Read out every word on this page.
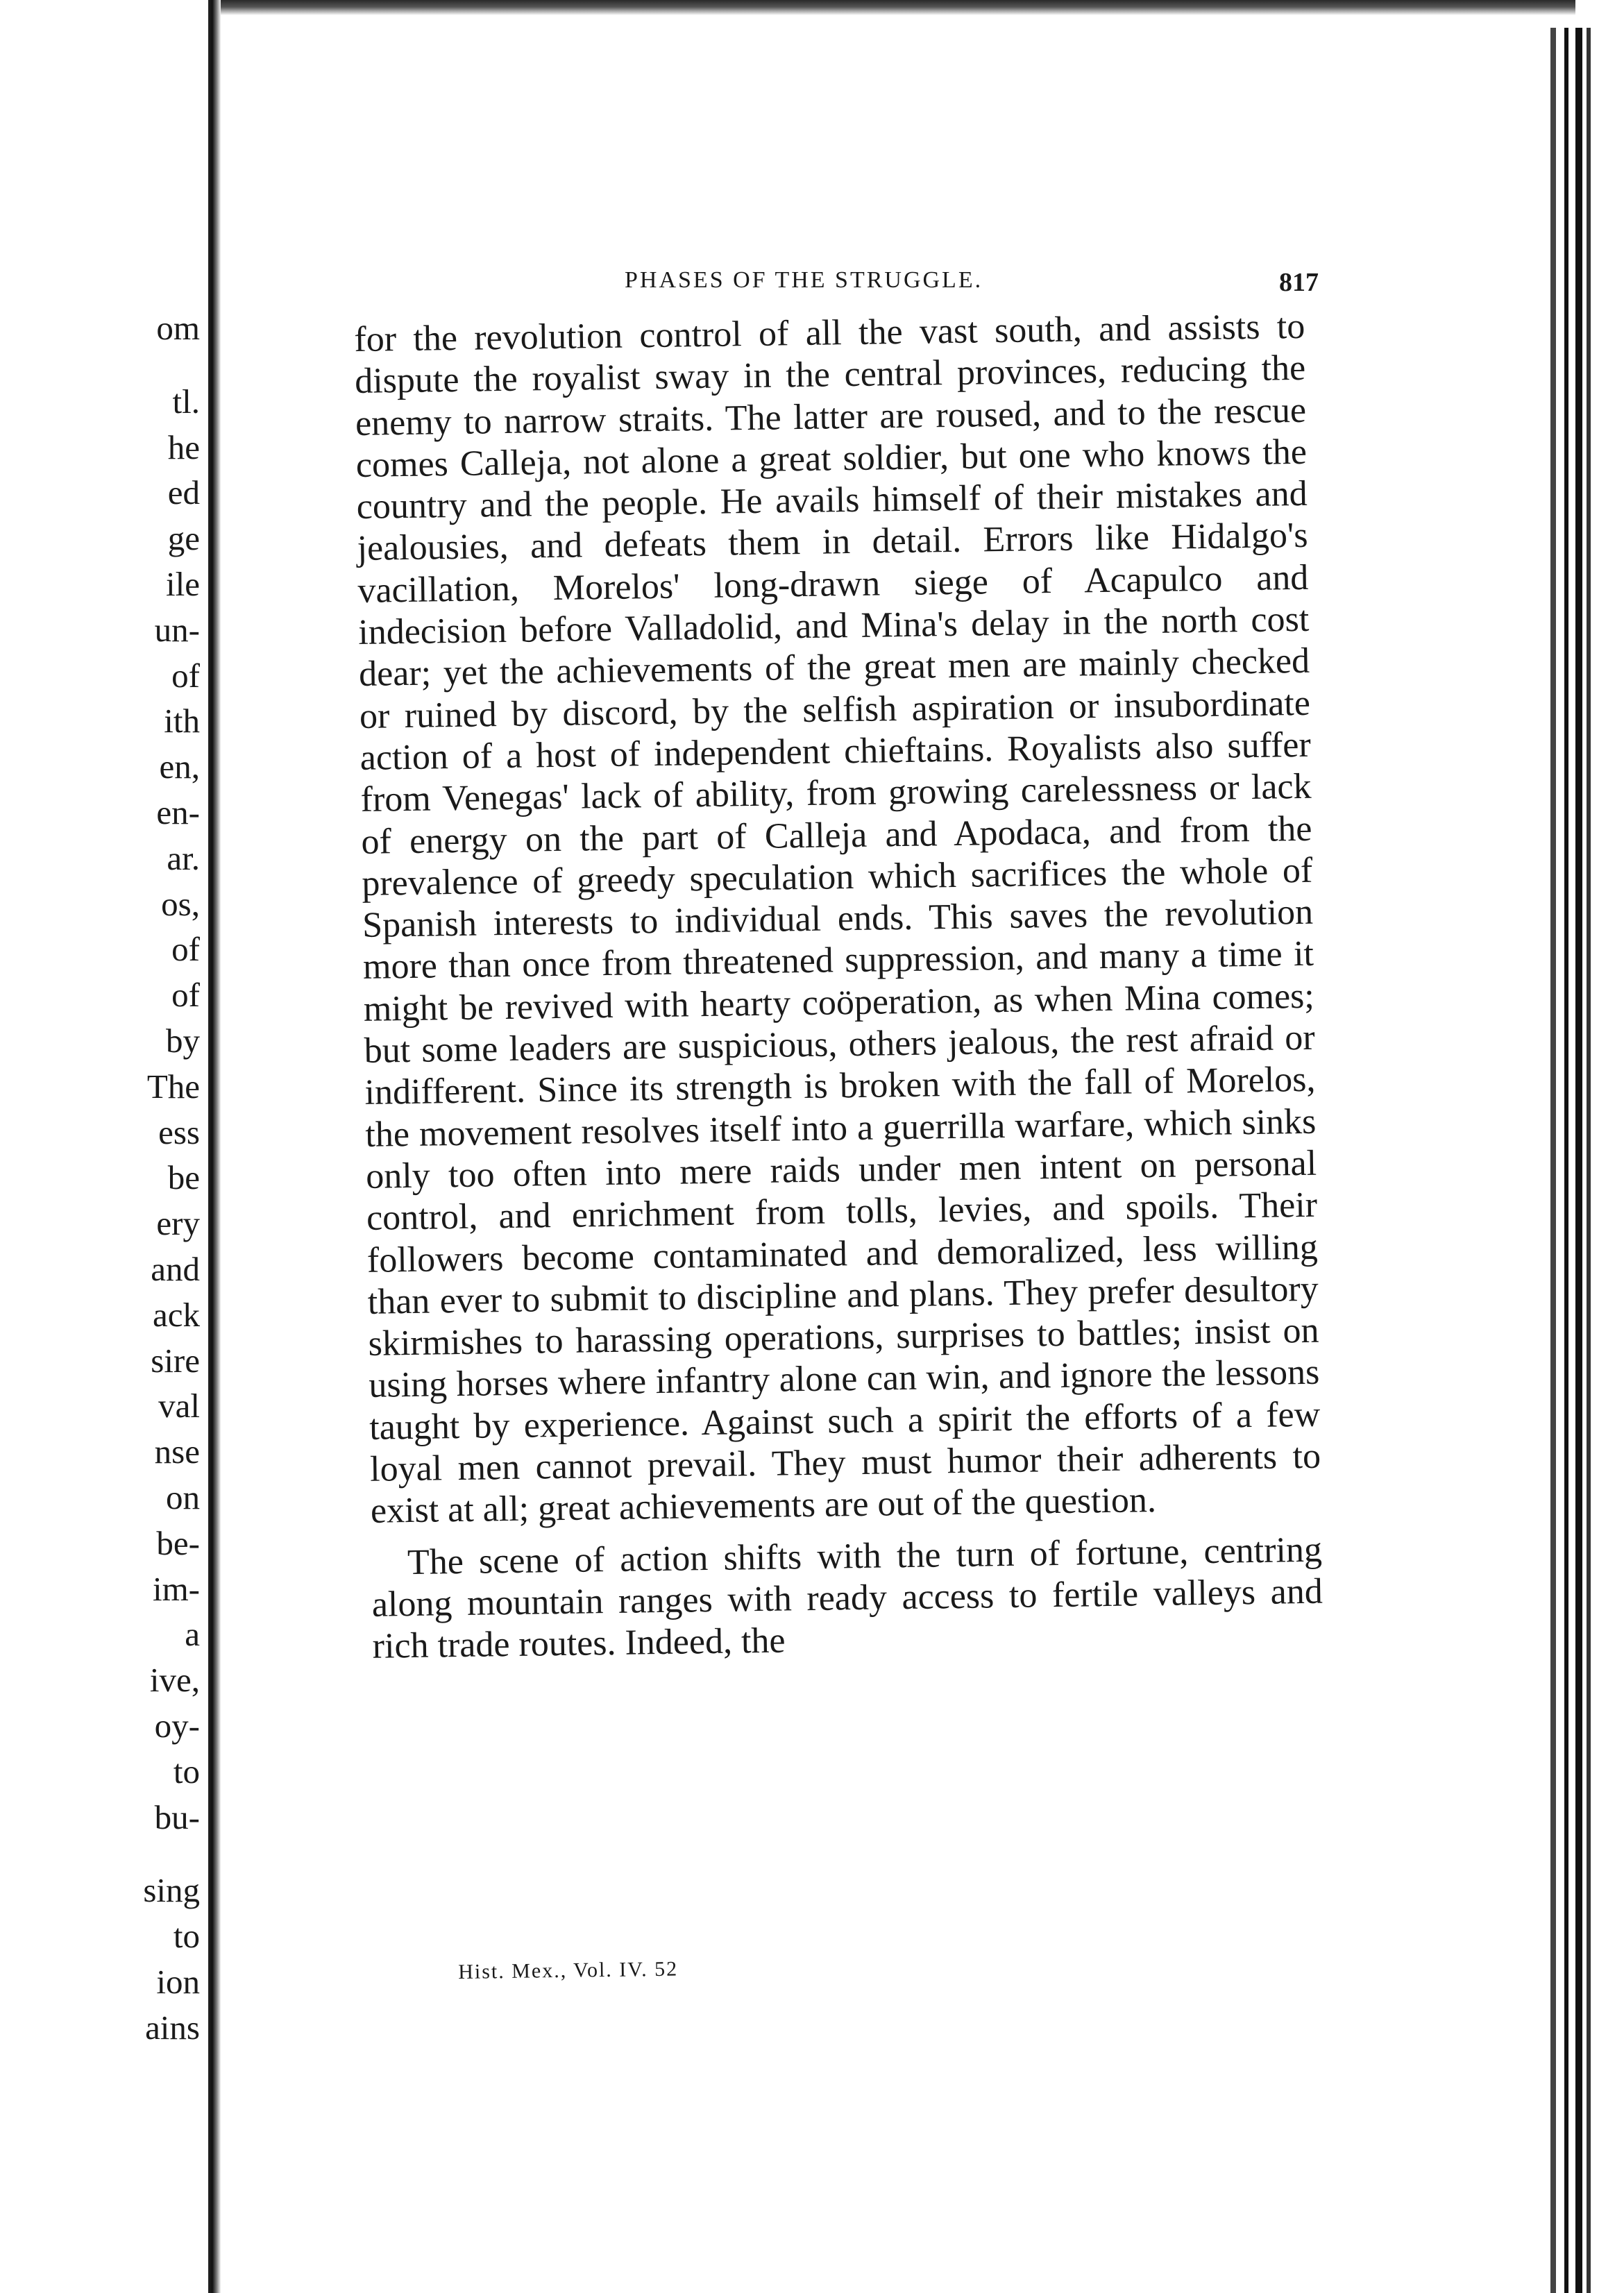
om
tl.
he
ed
ge
ile
un-
of
ith
en,
en-
ar.
os,
of
of
by
The
ess
be
ery
and
ack
sire
val
nse
on
be-
im-
a
ive,
oy-
to
bu-
sing
to
ion
ains
PHASES OF THE STRUGGLE.	817

for the revolution control of all the vast south, and assists to dispute the royalist sway in the central provinces, reducing the enemy to narrow straits. The latter are roused, and to the rescue comes Calleja, not alone a great soldier, but one who knows the country and the people. He avails himself of their mistakes and jealousies, and defeats them in detail. Errors like Hidalgo's vacillation, Morelos' long-drawn siege of Acapulco and indecision before Valladolid, and Mina's delay in the north cost dear; yet the achievements of the great men are mainly checked or ruined by discord, by the selfish aspiration or insubordinate action of a host of independent chieftains. Royalists also suffer from Venegas' lack of ability, from growing carelessness or lack of energy on the part of Calleja and Apodaca, and from the prevalence of greedy speculation which sacrifices the whole of Spanish interests to individual ends. This saves the revolution more than once from threatened suppression, and many a time it might be revived with hearty coöperation, as when Mina comes; but some leaders are suspicious, others jealous, the rest afraid or indifferent. Since its strength is broken with the fall of Morelos, the movement resolves itself into a guerrilla warfare, which sinks only too often into mere raids under men intent on personal control, and enrichment from tolls, levies, and spoils. Their followers become contaminated and demoralized, less willing than ever to submit to discipline and plans. They prefer desultory skirmishes to harassing operations, surprises to battles; insist on using horses where infantry alone can win, and ignore the lessons taught by experience. Against such a spirit the efforts of a few loyal men cannot prevail. They must humor their adherents to exist at all; great achievements are out of the question.

The scene of action shifts with the turn of fortune, centring along mountain ranges with ready access to fertile valleys and rich trade routes. Indeed, the

Hist. Mex., Vol. IV. 52
